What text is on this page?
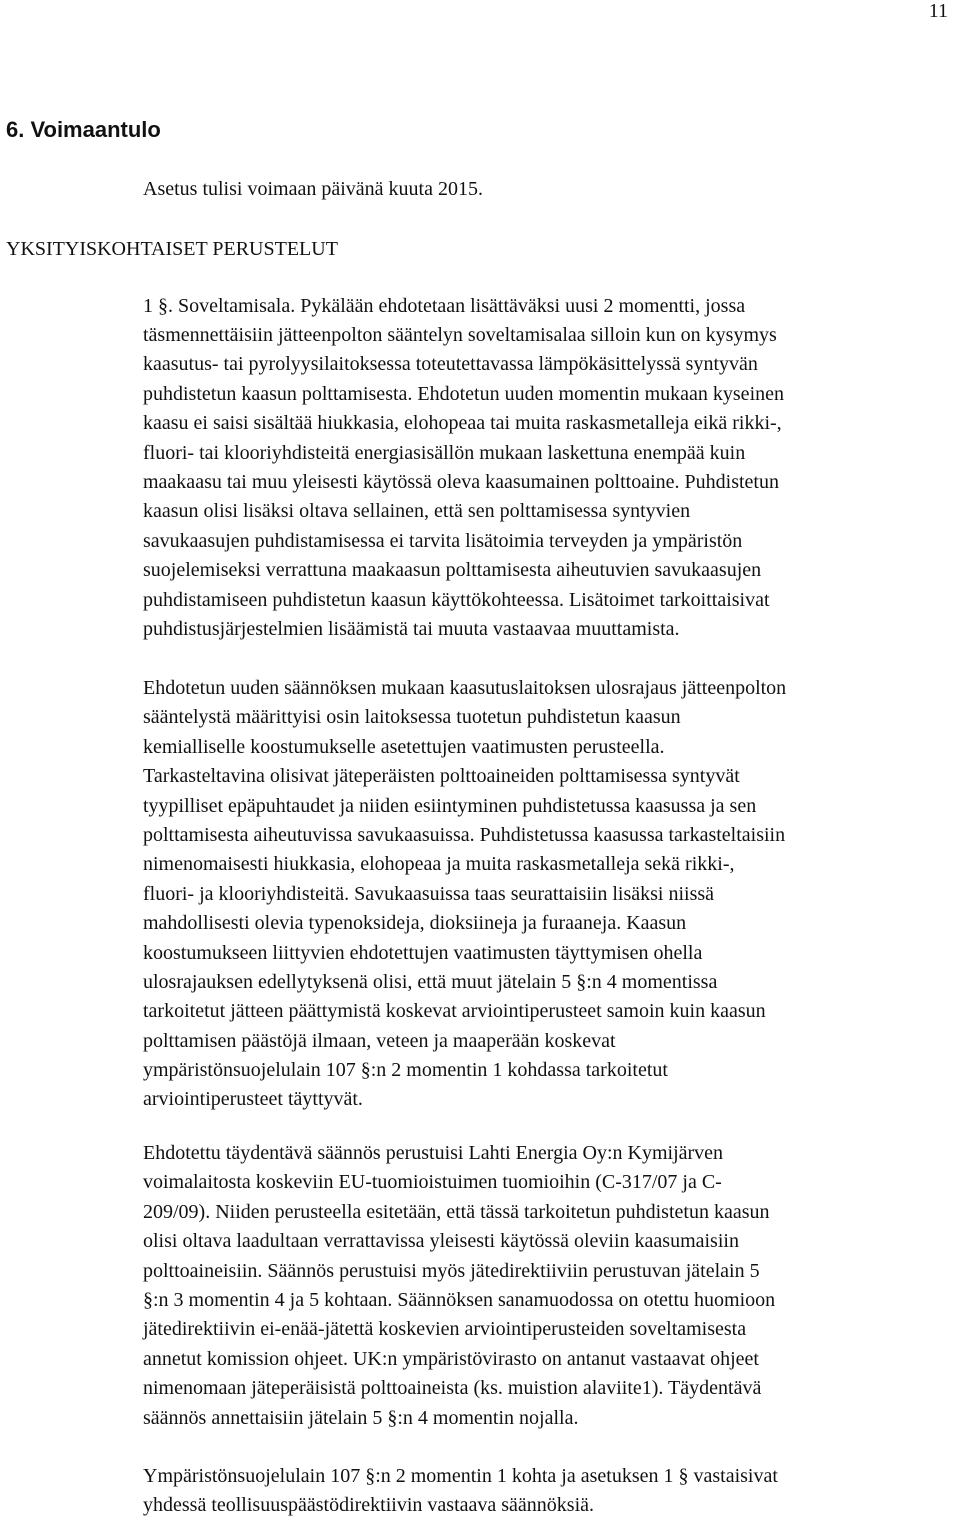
11
6. Voimaantulo
Asetus tulisi voimaan päivänä kuuta 2015.
YKSITYISKOHTAISET PERUSTELUT
1 §. Soveltamisala. Pykälään ehdotetaan lisättäväksi uusi 2 momentti, jossa
täsmennettäisiin jätteenpolton sääntelyn soveltamisalaa silloin kun on kysymys
kaasutus- tai pyrolyysilaitoksessa toteutettavassa lämpökäsittelyssä syntyvän
puhdistetun kaasun polttamisesta. Ehdotetun uuden momentin mukaan kyseinen
kaasu ei saisi sisältää hiukkasia, elohopeaa tai muita raskasmetalleja eikä rikki-,
fluori- tai klooriyhdisteitä energiasisällön mukaan laskettuna enempää kuin
maakaasu tai muu yleisesti käytössä oleva kaasumainen polttoaine. Puhdistetun
kaasun olisi lisäksi oltava sellainen, että sen polttamisessa syntyvien
savukaasujen puhdistamisessa ei tarvita lisätoimia terveyden ja ympäristön
suojelemiseksi verrattuna maakaasun polttamisesta aiheutuvien savukaasujen
puhdistamiseen puhdistetun kaasun käyttökohteessa. Lisätoimet tarkoittaisivat
puhdistusjärjestelmien lisäämistä tai muuta vastaavaa muuttamista.
Ehdotetun uuden säännöksen mukaan kaasutuslaitoksen ulosrajaus jätteenpolton
sääntelystä määrittyisi osin laitoksessa tuotetun puhdistetun kaasun
kemialliselle koostumukselle asetettujen vaatimusten perusteella.
Tarkasteltavina olisivat jäteperäisten polttoaineiden polttamisessa syntyvät
tyypilliset epäpuhtaudet ja niiden esiintyminen puhdistetussa kaasussa ja sen
polttamisesta aiheutuvissa savukaasuissa. Puhdistetussa kaasussa tarkasteltaisiin
nimenomaisesti hiukkasia, elohopeaa ja muita raskasmetalleja sekä rikki-,
fluori- ja klooriyhdisteitä. Savukaasuissa taas seurattaisiin lisäksi niissä
mahdollisesti olevia typenoksideja, dioksiineja ja furaaneja. Kaasun
koostumukseen liittyvien ehdotettujen vaatimusten täyttymisen ohella
ulosrajauksen edellytyksenä olisi, että muut jätelain 5 §:n 4 momentissa
tarkoitetut jätteen päättymistä koskevat arviointiperusteet samoin kuin kaasun
polttamisen päästöjä ilmaan, veteen ja maaperään koskevat
ympäristönsuojelulain 107 §:n 2 momentin 1 kohdassa tarkoitetut
arviointiperusteet täyttyvät.
Ehdotettu täydentävä säännös perustuisi Lahti Energia Oy:n Kymijärven
voimalaitosta koskeviin EU-tuomioistuimen tuomioihin (C-317/07 ja C-
209/09). Niiden perusteella esitetään, että tässä tarkoitetun puhdistetun kaasun
olisi oltava laadultaan verrattavissa yleisesti käytössä oleviin kaasumaisiin
polttoaineisiin. Säännös perustuisi myös jätedirektiiviin perustuvan jätelain 5
§:n 3 momentin 4 ja 5 kohtaan. Säännöksen sanamuodossa on otettu huomioon
jätedirektiivin ei-enää-jätettä koskevien arviointiperusteiden soveltamisesta
annetut komission ohjeet. UK:n ympäristövirasto on antanut vastaavat ohjeet
nimenomaan jäteperäisistä polttoaineista (ks. muistion alaviite1). Täydentävä
säännös annettaisiin jätelain 5 §:n 4 momentin nojalla.
Ympäristönsuojelulain 107 §:n 2 momentin 1 kohta ja asetuksen 1 § vastaisivat
yhdessä teollisuuspäästödirektiivin vastaava säännöksiä.
